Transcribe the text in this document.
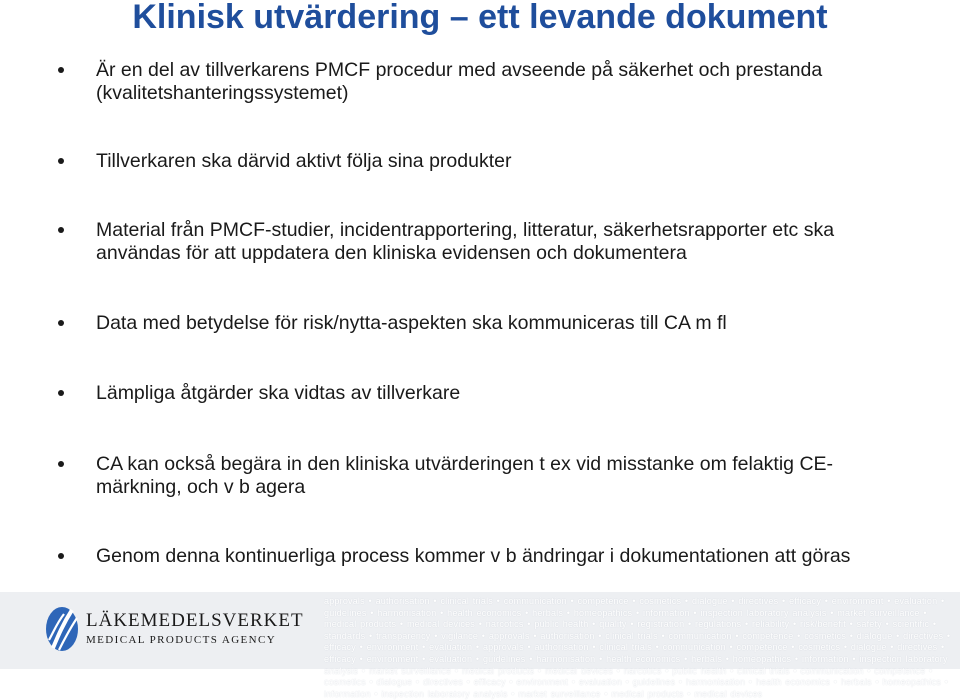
Klinisk utvärdering – ett levande dokument
Är en del av tillverkarens PMCF procedur med avseende på säkerhet och prestanda (kvalitetshanteringssystemet)
Tillverkaren ska därvid aktivt följa sina produkter
Material från PMCF-studier, incidentrapportering, litteratur, säkerhetsrapporter etc ska användas för att uppdatera den kliniska evidensen och dokumentera
Data med betydelse för risk/nytta-aspekten ska kommuniceras till CA m fl
Lämpliga åtgärder ska vidtas av tillverkare
CA kan också begära in den kliniska utvärderingen t ex vid misstanke om felaktig CE-märkning, och v b agera
Genom denna kontinuerliga process kommer v b ändringar i dokumentationen att göras
approvals • authorisation • clinical trials • communication • competence • cosmetics • dialogue • directives • efficacy • environment • evaluation • guidelines • harmonisation • health economics • herbals • homeopathics • information • inspection laboratory analysis • market surveillance • medical products • medical devices • narcotics • public health • quality • registration • regulations • reliability • risk/benefit • safety • scientific • standards • transparency • vigilance • approvals • authorisation • clinical trials • communication • competence • cosmetics • dialogue • directives • efficacy • environment • evaluation • approvals • authorisation • clinical trials • communication • competence • cosmetics • dialogue • directives • efficacy • environment • evaluation • guidelines • harmonisation • health economics • herbals • homeopathics • information • inspection laboratory analysis • market surveillance • medical products • medical devices • narcotics • public health • clinical trials • communication • competence • cosmetics • dialogue • directives • efficacy • environment • evaluation • guidelines • harmonisation • health economics • herbals • homeopathics • information • inspection laboratory analysis • market surveillance • medical products • medical devices
LÄKEMEDELSVERKET
MEDICAL PRODUCTS AGENCY
